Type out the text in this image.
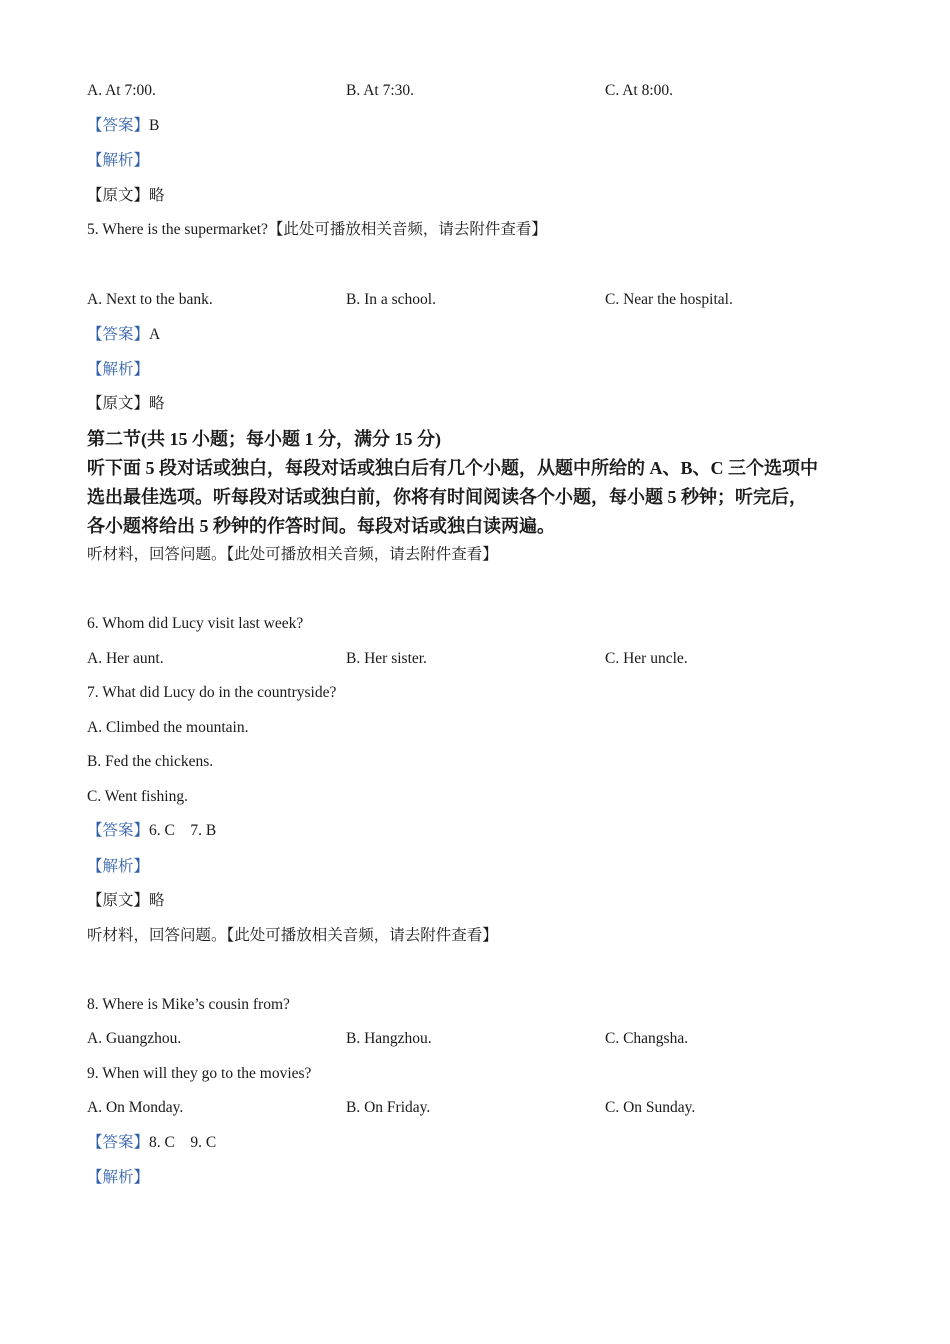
A. At 7:00.	B. At 7:30.	C. At 8:00.
【答案】B
【解析】
【原文】略
5. Where is the supermarket?【此处可播放相关音频，请去附件查看】
A. Next to the bank.	B. In a school.	C. Near the hospital.
【答案】A
【解析】
【原文】略
第二节(共 15 小题；每小题 1 分，满分 15 分)
听下面 5 段对话或独白，每段对话或独白后有几个小题，从题中所给的 A、B、C 三个选项中
选出最佳选项。听每段对话或独白前，你将有时间阅读各个小题，每小题 5 秒钟；听完后，
各小题将给出 5 秒钟的作答时间。每段对话或独白读两遍。
听材料，回答问题。【此处可播放相关音频，请去附件查看】
6. Whom did Lucy visit last week?
A. Her aunt.	B. Her sister.	C. Her uncle.
7. What did Lucy do in the countryside?
A. Climbed the mountain.
B. Fed the chickens.
C. Went fishing.
【答案】6. C    7. B
【解析】
【原文】略
听材料，回答问题。【此处可播放相关音频，请去附件查看】
8. Where is Mike’s cousin from?
A. Guangzhou.	B. Hangzhou.	C. Changsha.
9. When will they go to the movies?
A. On Monday.	B. On Friday.	C. On Sunday.
【答案】8. C    9. C
【解析】
